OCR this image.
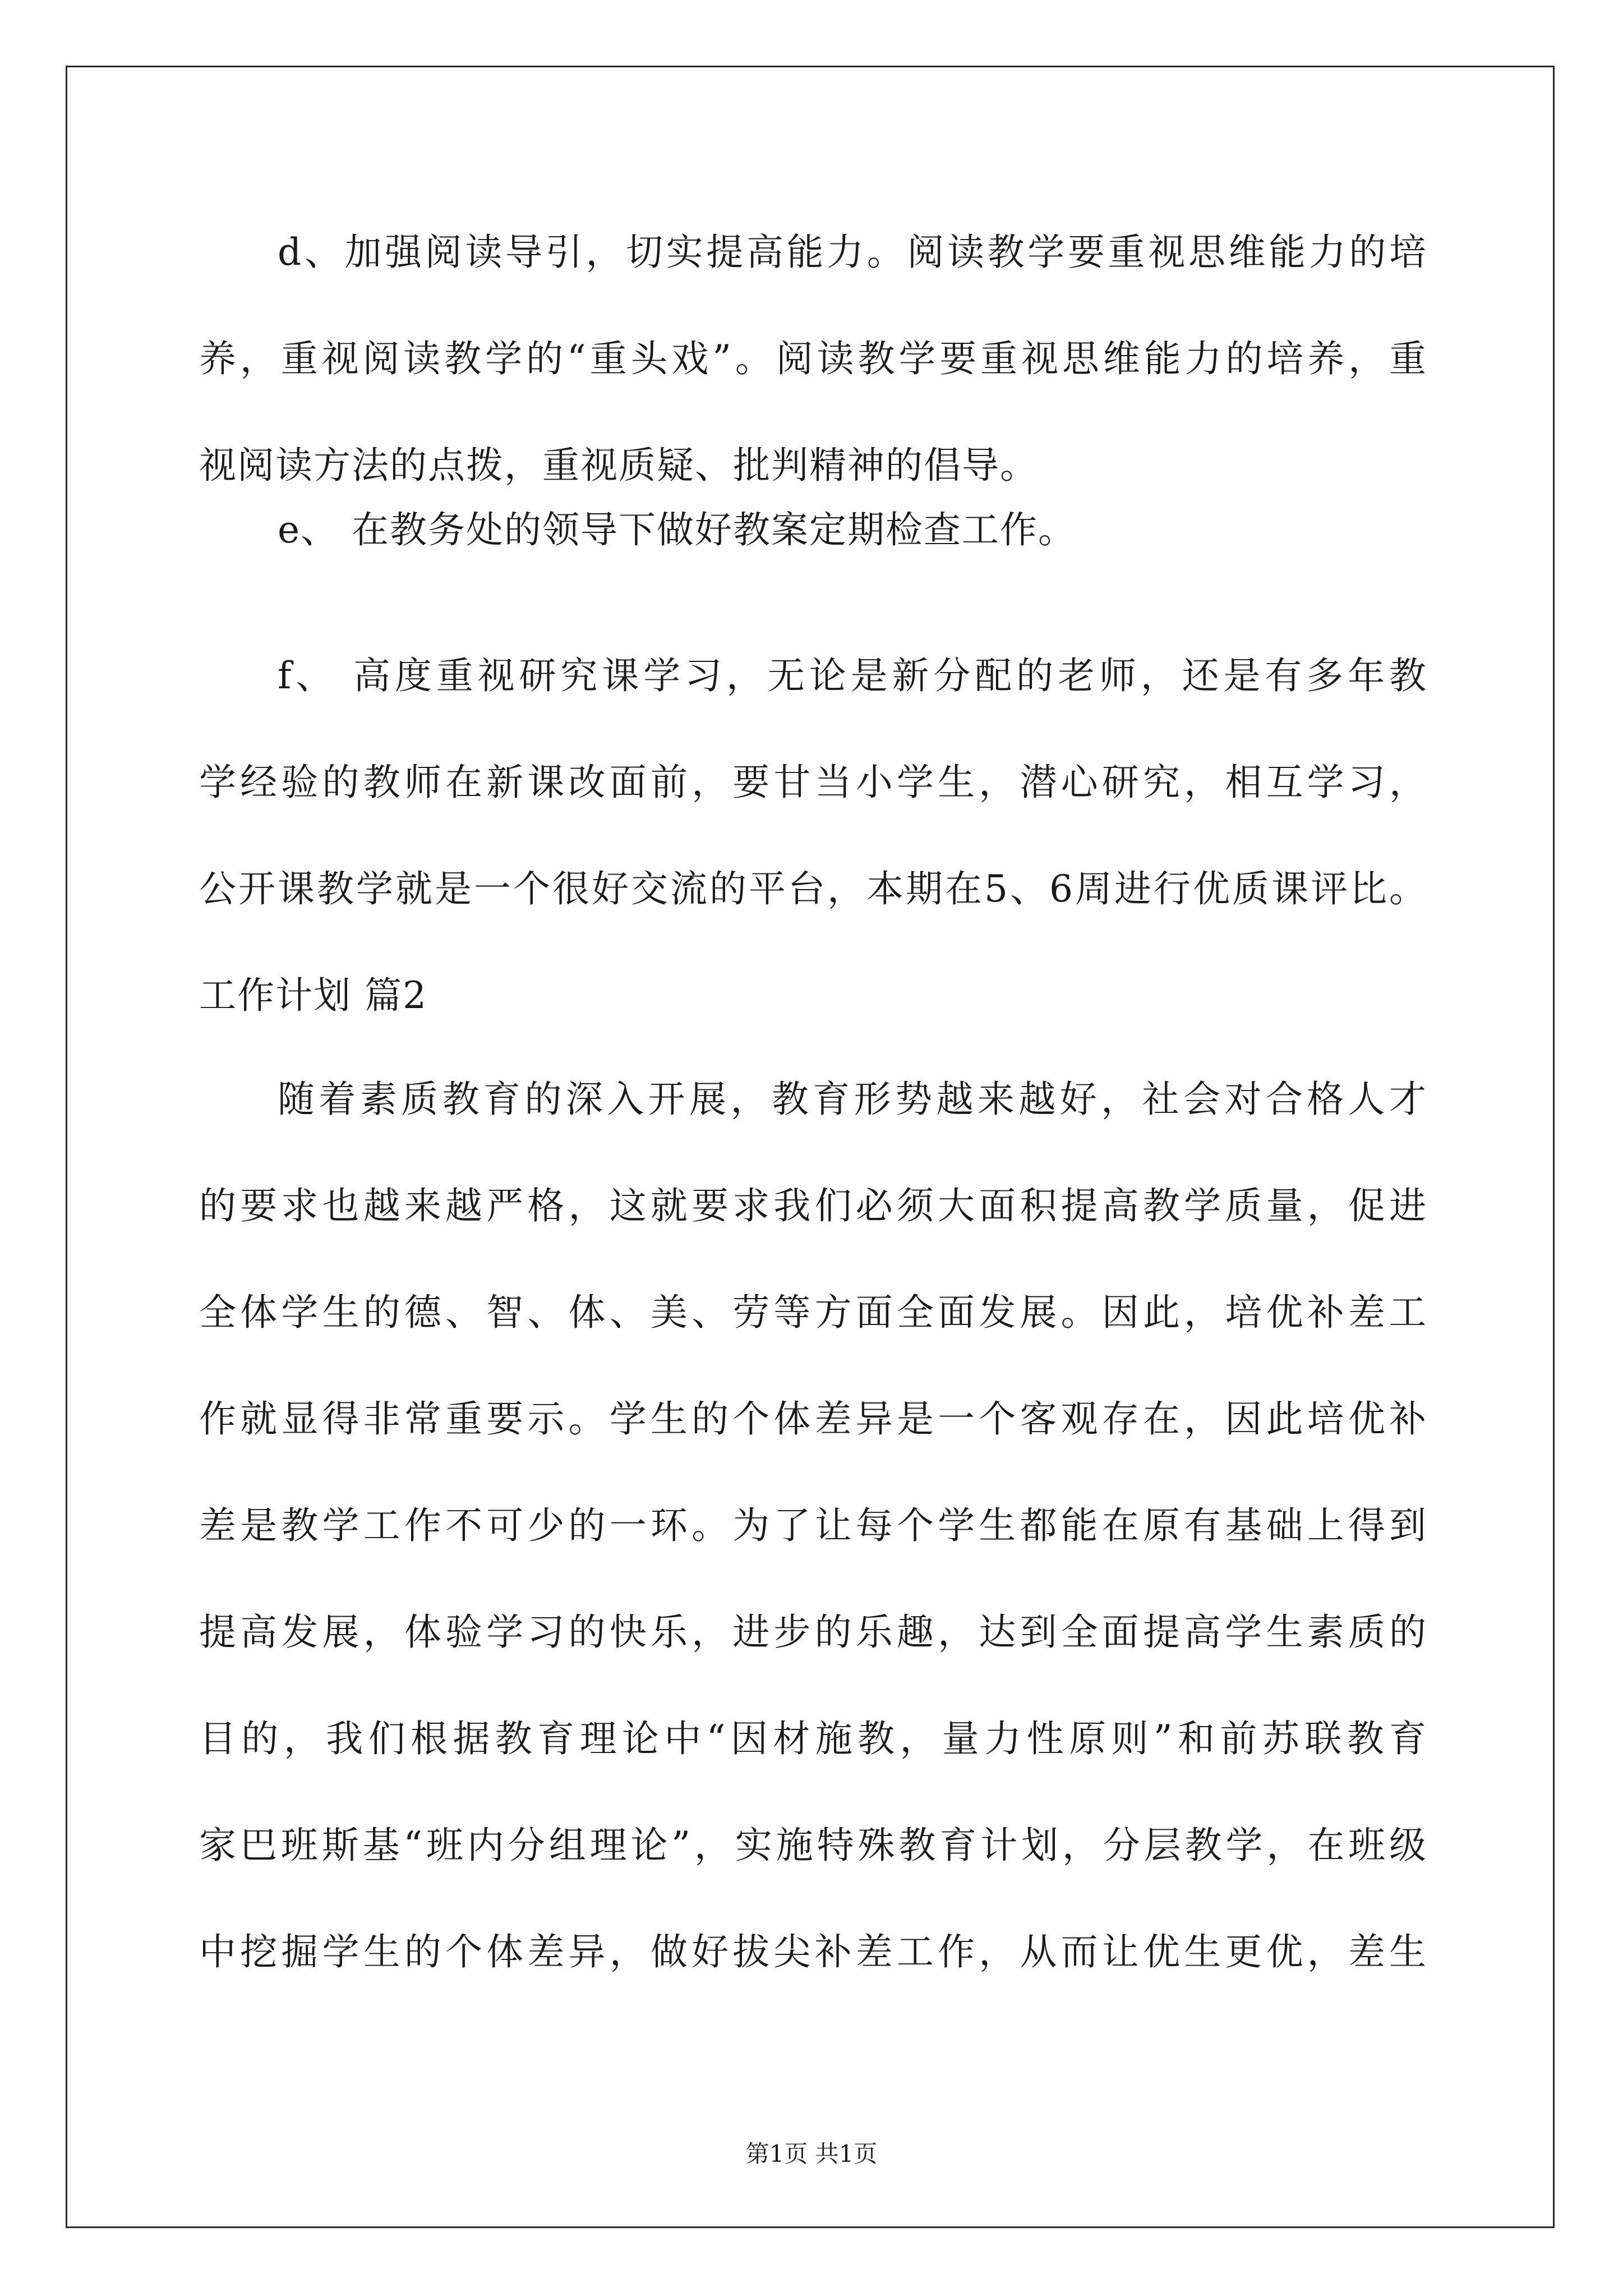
d、加强阅读导引，切实提高能力。阅读教学要重视思维能力的培
养，重视阅读教学的“重头戏”。阅读教学要重视思维能力的培养，重
视阅读方法的点拨，重视质疑、批判精神的倡导。
e、 在教务处的领导下做好教案定期检查工作。
f、 高度重视研究课学习，无论是新分配的老师，还是有多年教
学经验的教师在新课改面前，要甘当小学生，潜心研究，相互学习，
公开课教学就是一个很好交流的平台，本期在5、6周进行优质课评比。
工作计划 篇2
随着素质教育的深入开展，教育形势越来越好，社会对合格人才
的要求也越来越严格，这就要求我们必须大面积提高教学质量，促进
全体学生的德、智、体、美、劳等方面全面发展。因此，培优补差工
作就显得非常重要示。学生的个体差异是一个客观存在，因此培优补
差是教学工作不可少的一环。为了让每个学生都能在原有基础上得到
提高发展，体验学习的快乐，进步的乐趣，达到全面提高学生素质的
目的，我们根据教育理论中“因材施教，量力性原则”和前苏联教育
家巴班斯基“班内分组理论”，实施特殊教育计划，分层教学，在班级
中挖掘学生的个体差异，做好拔尖补差工作，从而让优生更优，差生
第1页 共1页
